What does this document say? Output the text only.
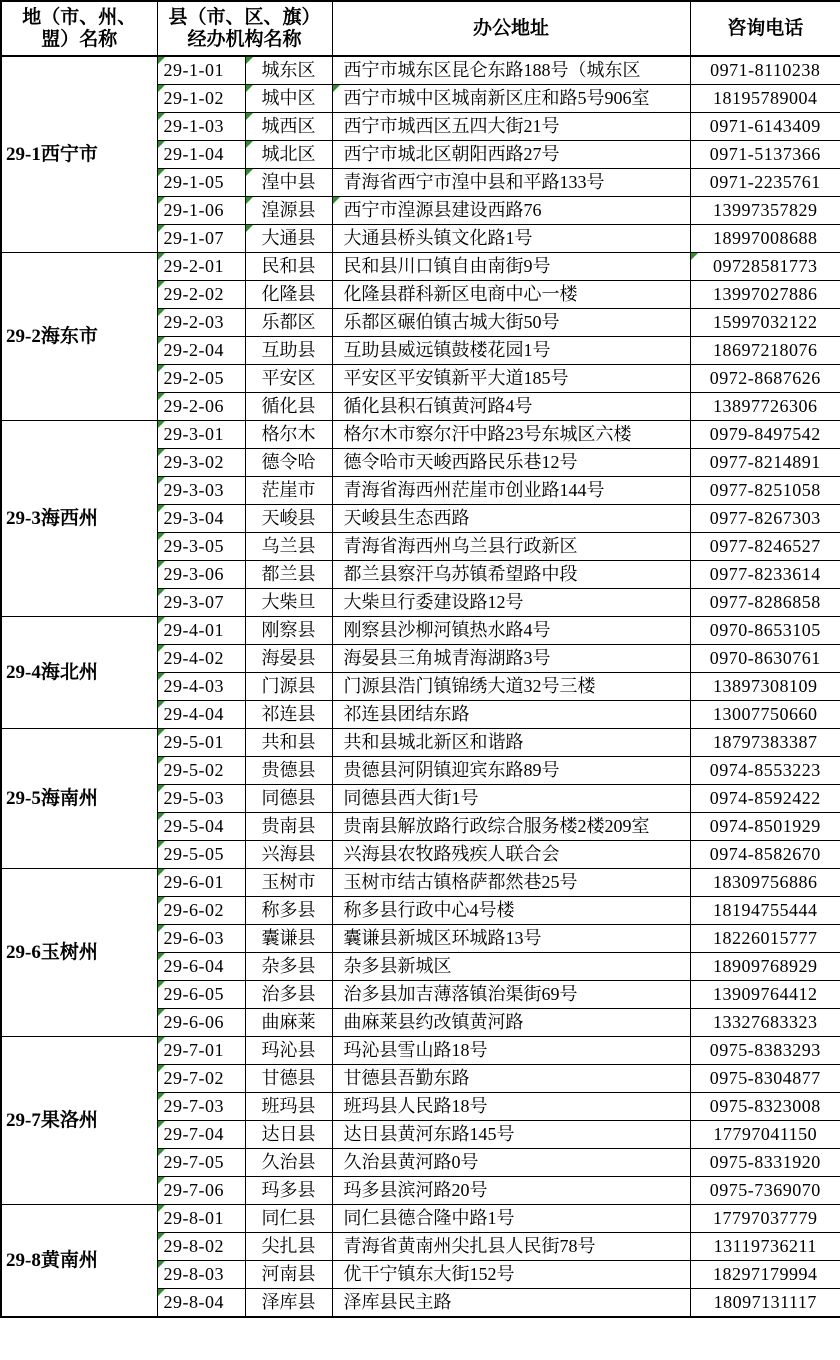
地（市、州、
盟）名称	县（市、区、旗）
经办机构名称		办公地址	咨询电话
29-1西宁市	29-1-01	城东区	西宁市城东区昆仑东路188号（城东区	0971-8110238
	29-1-02	城中区	西宁市城中区城南新区庄和路5号906室	18195789004
	29-1-03	城西区	西宁市城西区五四大街21号	0971-6143409
	29-1-04	城北区	西宁市城北区朝阳西路27号	0971-5137366
	29-1-05	湟中县	青海省西宁市湟中县和平路133号	0971-2235761
	29-1-06	湟源县	西宁市湟源县建设西路76	13997357829
	29-1-07	大通县	大通县桥头镇文化路1号	18997008688
29-2海东市	29-2-01	民和县	民和县川口镇自由南街9号	09728581773

	29-2-02	化隆县	化隆县群科新区电商中心一楼	13997027886
	29-2-03	乐都区	乐都区碾伯镇古城大街50号	15997032122
	29-2-04	互助县	互助县威远镇鼓楼花园1号	18697218076
	29-2-05	平安区	平安区平安镇新平大道185号	0972-8687626
	29-2-06	循化县	循化县积石镇黄河路4号	13897726306
29-3海西州	29-3-01	格尔木	格尔木市察尔汗中路23号东城区六楼	0979-8497542
	29-3-02	德令哈	德令哈市天峻西路民乐巷12号	0977-8214891
	29-3-03	茫崖市	青海省海西州茫崖市创业路144号	0977-8251058
	29-3-04	天峻县	天峻县生态西路	0977-8267303
	29-3-05	乌兰县	青海省海西州乌兰县行政新区	0977-8246527
	29-3-06	都兰县	都兰县察汗乌苏镇希望路中段	0977-8233614
	29-3-07	大柴旦	大柴旦行委建设路12号	0977-8286858
29-4海北州	29-4-01	刚察县	刚察县沙柳河镇热水路4号	0970-8653105
	29-4-02	海晏县	海晏县三角城青海湖路3号	0970-8630761
	29-4-03	门源县	门源县浩门镇锦绣大道32号三楼	13897308109
	29-4-04	祁连县	祁连县团结东路	13007750660
29-5海南州	29-5-01	共和县	共和县城北新区和谐路	18797383387
	29-5-02	贵德县	贵德县河阴镇迎宾东路89号	0974-8553223
	29-5-03	同德县	同德县西大街1号	0974-8592422
	29-5-04	贵南县	贵南县解放路行政综合服务楼2楼209室	0974-8501929
	29-5-05	兴海县	兴海县农牧路残疾人联合会	0974-8582670
29-6玉树州	29-6-01	玉树市	玉树市结古镇格萨都然巷25号	18309756886
	29-6-02	称多县	称多县行政中心4号楼	18194755444
	29-6-03	囊谦县	囊谦县新城区环城路13号	18226015777
	29-6-04	杂多县	杂多县新城区	18909768929
	29-6-05	治多县	治多县加吉薄落镇治渠街69号	13909764412
	29-6-06	曲麻莱	曲麻莱县约改镇黄河路	13327683323
29-7果洛州	29-7-01	玛沁县	玛沁县雪山路18号	0975-8383293
	29-7-02	甘德县	甘德县吾勤东路	0975-8304877
	29-7-03	班玛县	班玛县人民路18号	0975-8323008
	29-7-04	达日县	达日县黄河东路145号	17797041150
	29-7-05	久治县	久治县黄河路0号	0975-8331920
	29-7-06	玛多县	玛多县滨河路20号	0975-7369070
29-8黄南州	29-8-01	同仁县	同仁县德合隆中路1号	17797037779
	29-8-02	尖扎县	青海省黄南州尖扎县人民街78号	13119736211
	29-8-03	河南县	优干宁镇东大街152号	18297179994
	29-8-04	泽库县	泽库县民主路	18097131117
